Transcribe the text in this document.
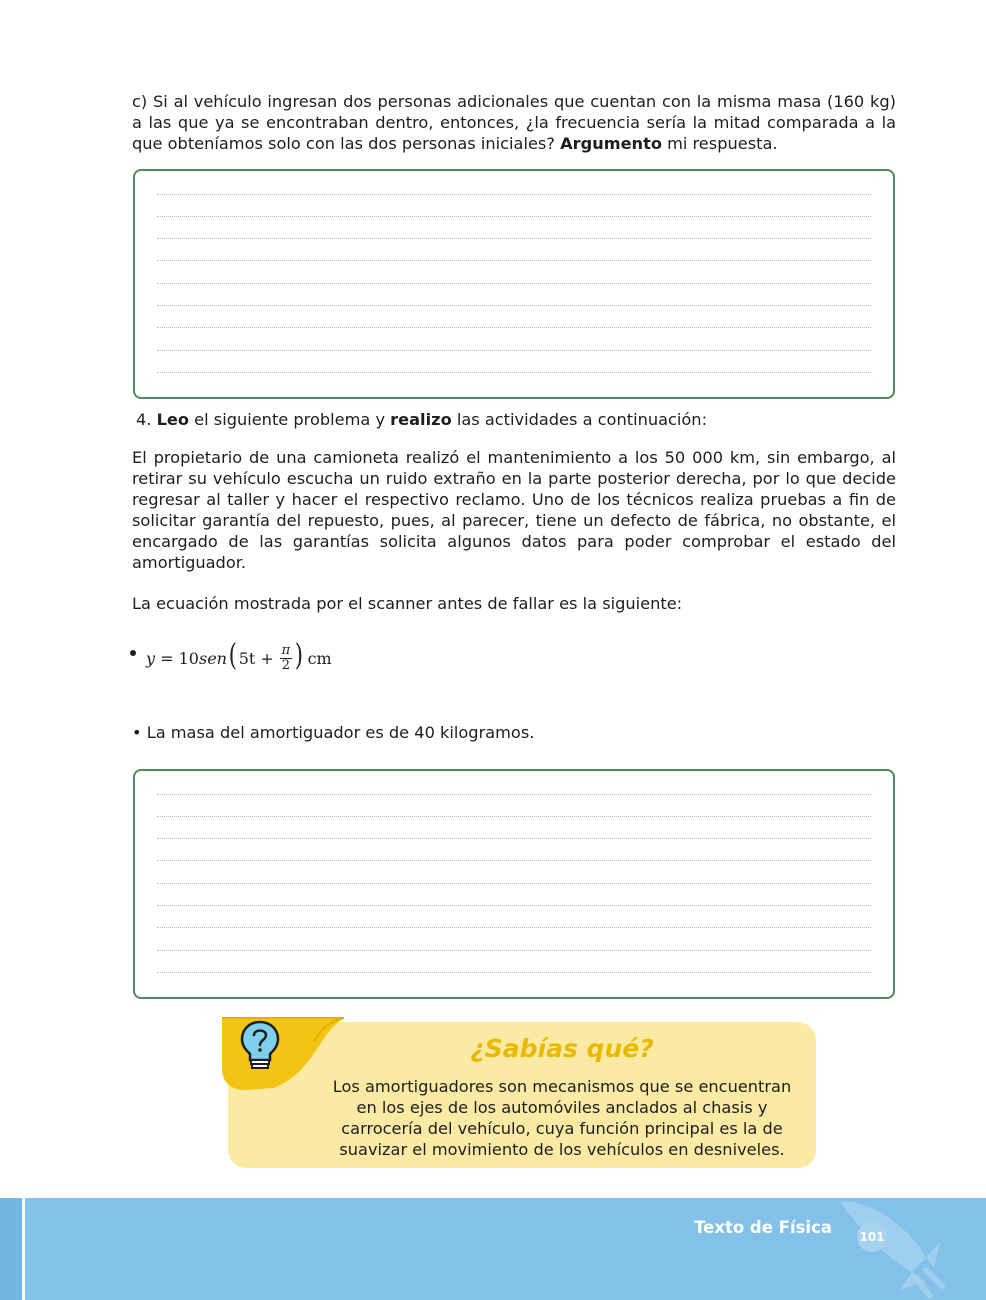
c) Si al vehículo ingresan dos personas adicionales que cuentan con la misma masa (160 kg) a las que ya se encontraban dentro, entonces, ¿la frecuencia sería la mitad comparada a la que obteníamos solo con las dos personas iniciales? Argumento mi respuesta.

4. Leo el siguiente problema y realizo las actividades a continuación:

El propietario de una camioneta realizó el mantenimiento a los 50 000 km, sin embargo, al retirar su vehículo escucha un ruido extraño en la parte posterior derecha, por lo que decide regresar al taller y hacer el respectivo reclamo. Uno de los técnicos realiza pruebas a fin de solicitar garantía del repuesto, pues, al parecer, tiene un defecto de fábrica, no obstante, el encargado de las garantías solicita algunos datos para poder comprobar el estado del amortiguador.

La ecuación mostrada por el scanner antes de fallar es la siguiente:

y = 10 sen ( $5t + \frac{\pi}{2}$ ) cm

• La masa del amortiguador es de 40 kilogramos.

¿Sabías qué?
Los amortiguadores son mecanismos que se encuentran en los ejes de los automóviles anclados al chasis y carrocería del vehículo, cuya función principal es la de suavizar el movimiento de los vehículos en desniveles.
Texto de Física 101
